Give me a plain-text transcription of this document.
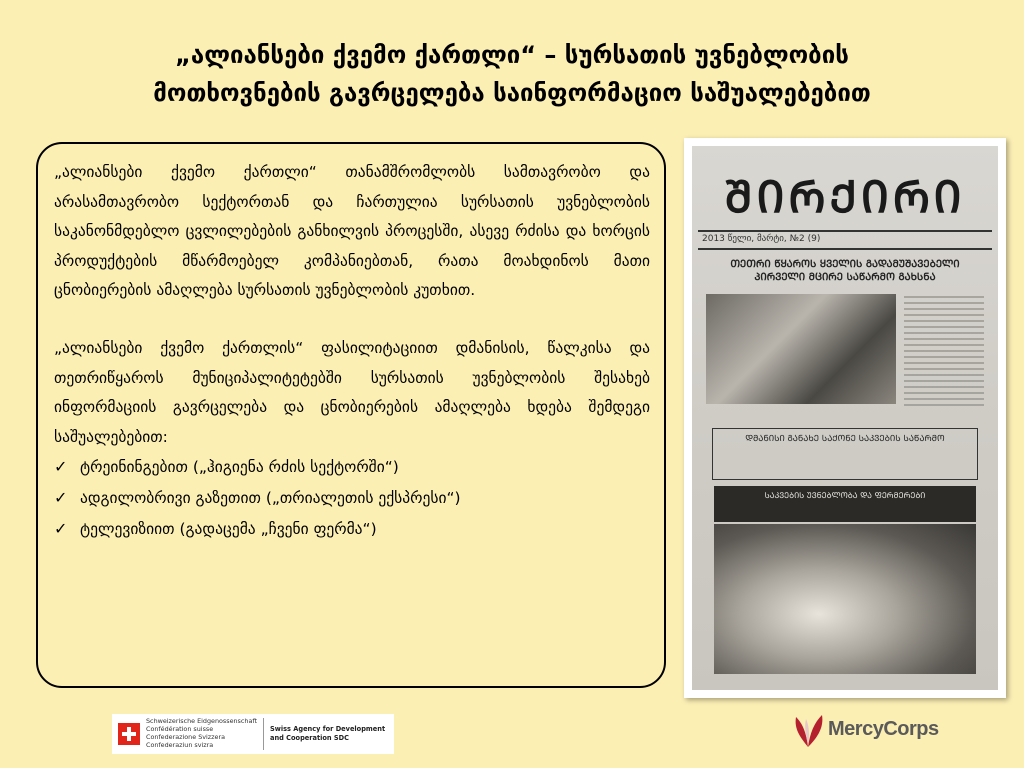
„ალიანსები ქვემო ქართლი“ – სურსათის უვნებლობის
მოთხოვნების გავრცელება საინფორმაციო საშუალებებით

„ალიანსები ქვემო ქართლი“ თანამშრომლობს სამთავრობო და არასამთავრობო სექტორთან და ჩართულია სურსათის უვნებლობის საკანონმდებლო ცვლილებების განხილვის პროცესში, ასევე რძისა და ხორცის პროდუქტების მწარმოებელ კომპანიებთან, რათა მოახდინოს მათი ცნობიერების ამაღლება სურსათის უვნებლობის კუთხით.

„ალიანსები ქვემო ქართლის“ ფასილიტაციით დმანისის, წალკისა და თეთრიწყაროს მუნიციპალიტეტებში სურსათის უვნებლობის შესახებ ინფორმაციის გავრცელება და ცნობიერების ამაღლება ხდება შემდეგი საშუალებებით:

✓ ტრეინინგებით („ჰიგიენა რძის სექტორში“)
✓ ადგილობრივი გაზეთით („თრიალეთის ექსპრესი“)
✓ ტელევიზიით (გადაცემა „ჩვენი ფერმა“)
ᲨᲘᲠᲥᲘᲠᲘ
2013 წელი, მარტი, №2 (9)
ᲗᲔᲗᲠᲘ ᲬᲧᲐᲠᲝᲡ ᲧᲕᲔᲚᲘᲡ ᲒᲐᲓᲐᲛᲣᲨᲐᲕᲔᲑᲔᲚᲘ ᲞᲘᲠᲕᲔᲚᲘ ᲛᲪᲘᲠᲔ ᲡᲐᲬᲐᲠᲛᲝ ᲒᲐᲮᲡᲜᲐ
ᲓᲛᲐᲜᲘᲡᲘ ᲒᲐᲜᲐᲮᲔ ᲡᲐᲥᲝᲜᲔ ᲡᲐᲙᲕᲔᲑᲘᲡ ᲡᲐᲬᲐᲠᲛᲝ
ᲡᲐᲙᲕᲔᲑᲘᲡ ᲣᲕᲜᲔᲑᲚᲝᲑᲐ ᲓᲐ ᲤᲔᲠᲛᲔᲠᲔᲑᲘ
Schweizerische Eidgenossenschaft
Confédération suisse
Confederazione Svizzera
Confederaziun svizra
Swiss Agency for Development
and Cooperation SDC	MercyCorps
